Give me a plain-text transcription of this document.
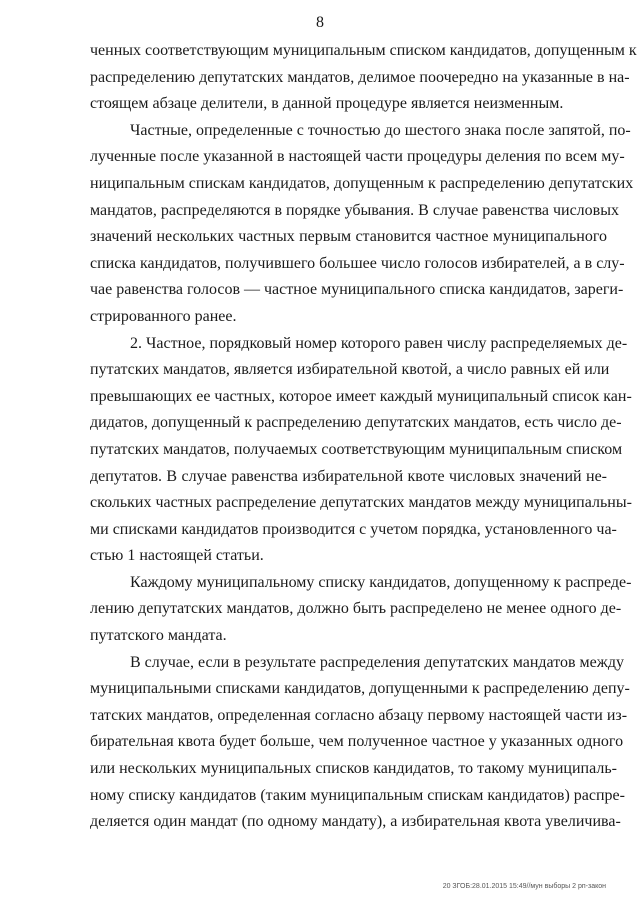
8
ченных соответствующим муниципальным списком кандидатов, допущенным к
распределению депутатских мандатов, делимое поочередно на указанные в на-
стоящем абзаце делители, в данной процедуре является неизменным.
Частные, определенные с точностью до шестого знака после запятой, по-
лученные после указанной в настоящей части процедуры деления по всем му-
ниципальным спискам кандидатов, допущенным к распределению депутатских
мандатов, распределяются в порядке убывания. В случае равенства числовых
значений нескольких частных первым становится частное муниципального
списка кандидатов, получившего большее число голосов избирателей, а в слу-
чае равенства голосов — частное муниципального списка кандидатов, зареги-
стрированного ранее.
2. Частное, порядковый номер которого равен числу распределяемых де-
путатских мандатов, является избирательной квотой, а число равных ей или
превышающих ее частных, которое имеет каждый муниципальный список кан-
дидатов, допущенный к распределению депутатских мандатов, есть число де-
путатских мандатов, получаемых соответствующим муниципальным списком
депутатов. В случае равенства избирательной квоте числовых значений не-
скольких частных распределение депутатских мандатов между муниципальны-
ми списками кандидатов производится с учетом порядка, установленного ча-
стью 1 настоящей статьи.
Каждому муниципальному списку кандидатов, допущенному к распреде-
лению депутатских мандатов, должно быть распределено не менее одного де-
путатского мандата.
В случае, если в результате распределения депутатских мандатов между
муниципальными списками кандидатов, допущенными к распределению депу-
татских мандатов, определенная согласно абзацу первому настоящей части из-
бирательная квота будет больше, чем полученное частное у указанных одного
или нескольких муниципальных списков кандидатов, то такому муниципаль-
ному списку кандидатов (таким муниципальным спискам кандидатов) распре-
деляется один мандат (по одному мандату), а избирательная квота увеличива-
20 ЗГОБ:28.01.2015 15:49//мун выборы 2 рп-закон
